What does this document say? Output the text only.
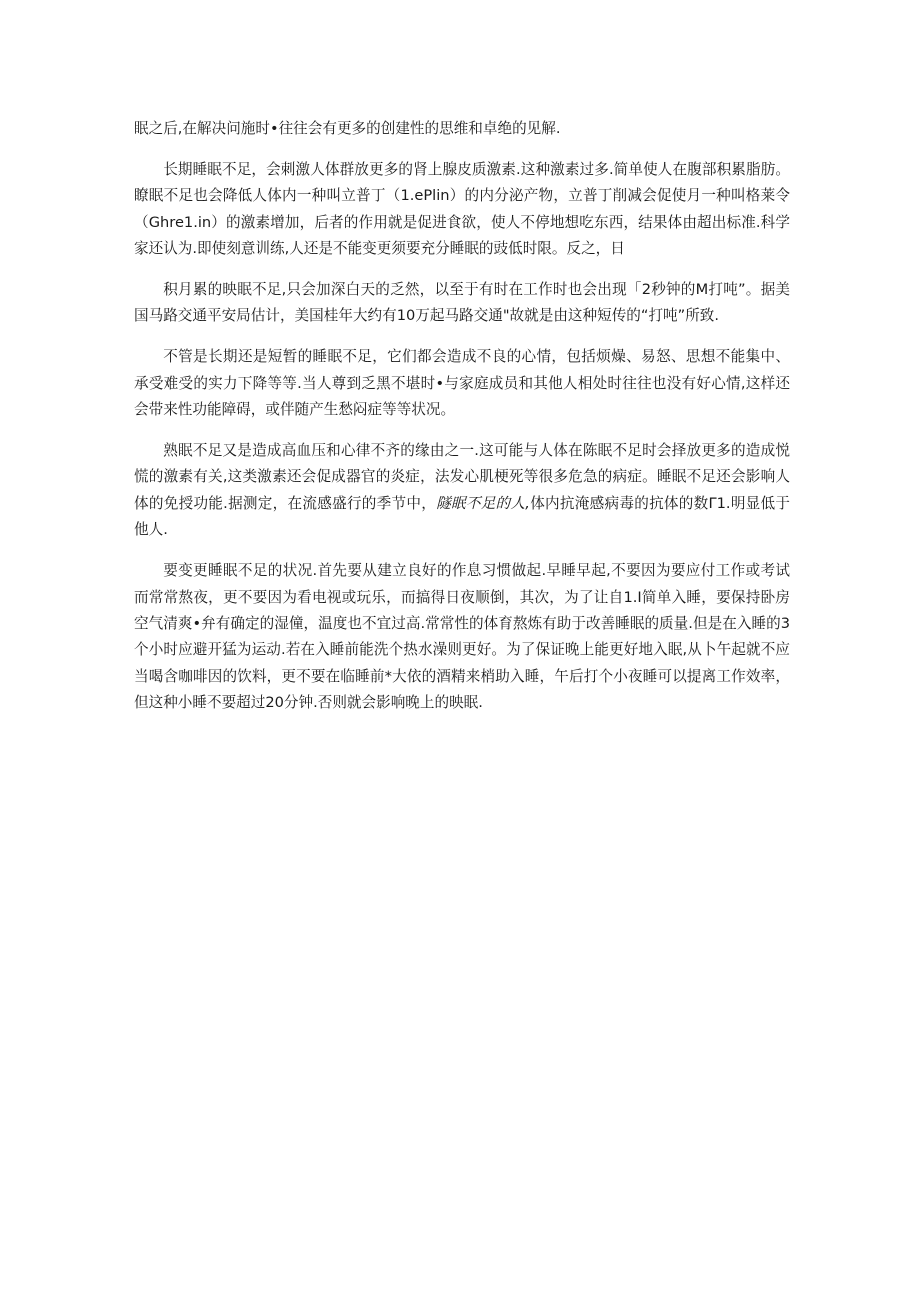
眠之后,在解决问施时•往往会有更多的创建性的思维和卓绝的见解.

长期睡眠不足，会刺激人体群放更多的肾上腺皮质激素.这种激素过多.简单使人在腹部积累脂肪。瞭眠不足也会降低人体内一种叫立普丁（1.ePlin）的内分泌产物，立普丁削减会促使月一种叫格莱令（Ghre1.in）的激素增加，后者的作用就是促进食欲，使人不停地想吃东西，结果体由超出标准.科学家还认为.即使刻意训练,人还是不能变更须要充分睡眠的豉低时限。反之，日

积月累的映眠不足,只会加深白天的乏然，以至于有时在工作时也会出现「2秒钟的M打吨”。据美国马路交通平安局估计，美国桂年大约有10万起马路交通"故就是由这种短传的“打吨”所致.

不管是长期还是短暂的睡眠不足，它们都会造成不良的心情，包括烦燥、易怒、思想不能集中、承受难受的实力下降等等.当人尊到乏黑不堪时•与家庭成员和其他人相处时往往也没有好心情,这样还会带来性功能障碍，或伴随产生愁闷症等等状况。

熟眠不足又是造成高血压和心律不齐的缘由之一.这可能与人体在陈眠不足时会择放更多的造成悦慌的激素有关,这类激素还会促成器官的炎症，法发心肌梗死等很多危急的病症。睡眠不足还会影响人体的免授功能.据测定，在流感盛行的季节中，隧眠不足的人,体内抗淹感病毒的抗体的数Γ1.明显低于他人.

要变更睡眠不足的状况.首先要从建立良好的作息习惯做起.早睡早起,不要因为要应付工作或考试而常常熬夜，更不要因为看电视或玩乐，而搞得日夜顺倒，其次，为了让自1.I简单入睡，要保持卧房空气清爽•弁有确定的湿僮，温度也不宜过高.常常性的体育熬炼有助于改善睡眠的质量.但是在入睡的3个小时应避开猛为运动.若在入睡前能洗个热水澡则更好。为了保证晚上能更好地入眠,从卜午起就不应当喝含咖啡因的饮料，更不要在临睡前*大依的酒精来梢助入睡，午后打个小夜睡可以提离工作效率，但这种小睡不要超过20分钟.否则就会影响晚上的映眠.
